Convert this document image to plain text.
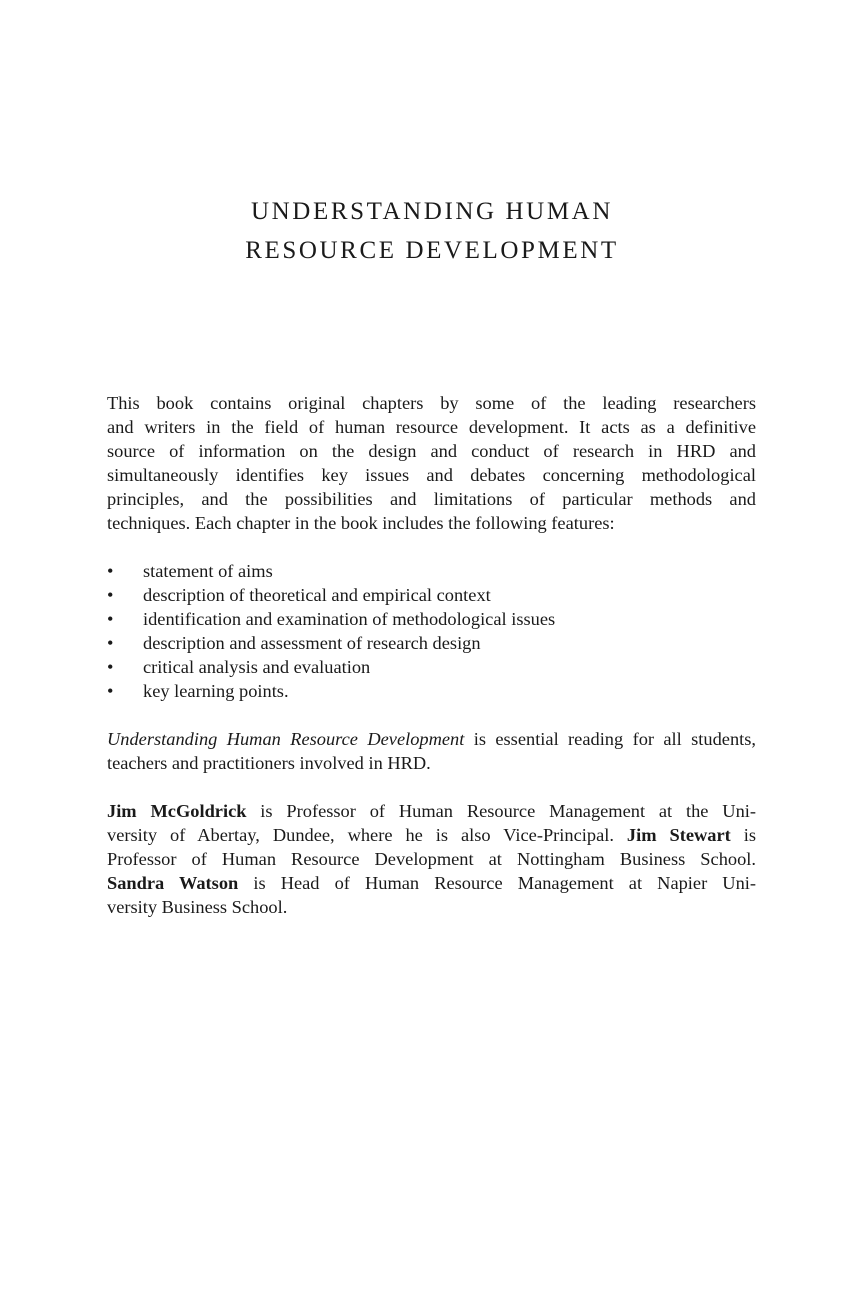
UNDERSTANDING HUMAN

RESOURCE DEVELOPMENT

This book contains original chapters by some of the leading researchers
and writers in the field of human resource development. It acts as a definitive
source of information on the design and conduct of research in HRD and
simultaneously identifies key issues and debates concerning methodological
principles, and the possibilities and limitations of particular methods and
techniques. Each chapter in the book includes the following features:
•	statement of aims
•	description of theoretical and empirical context
•	identification and examination of methodological issues
•	description and assessment of research design
•	critical analysis and evaluation
•	key learning points.
Understanding Human Resource Development is essential reading for all students,
teachers and practitioners involved in HRD.
Jim McGoldrick is Professor of Human Resource Management at the Uni-
versity of Abertay, Dundee, where he is also Vice-Principal. Jim Stewart is
Professor of Human Resource Development at Nottingham Business School.
Sandra Watson is Head of Human Resource Management at Napier Uni-
versity Business School.
